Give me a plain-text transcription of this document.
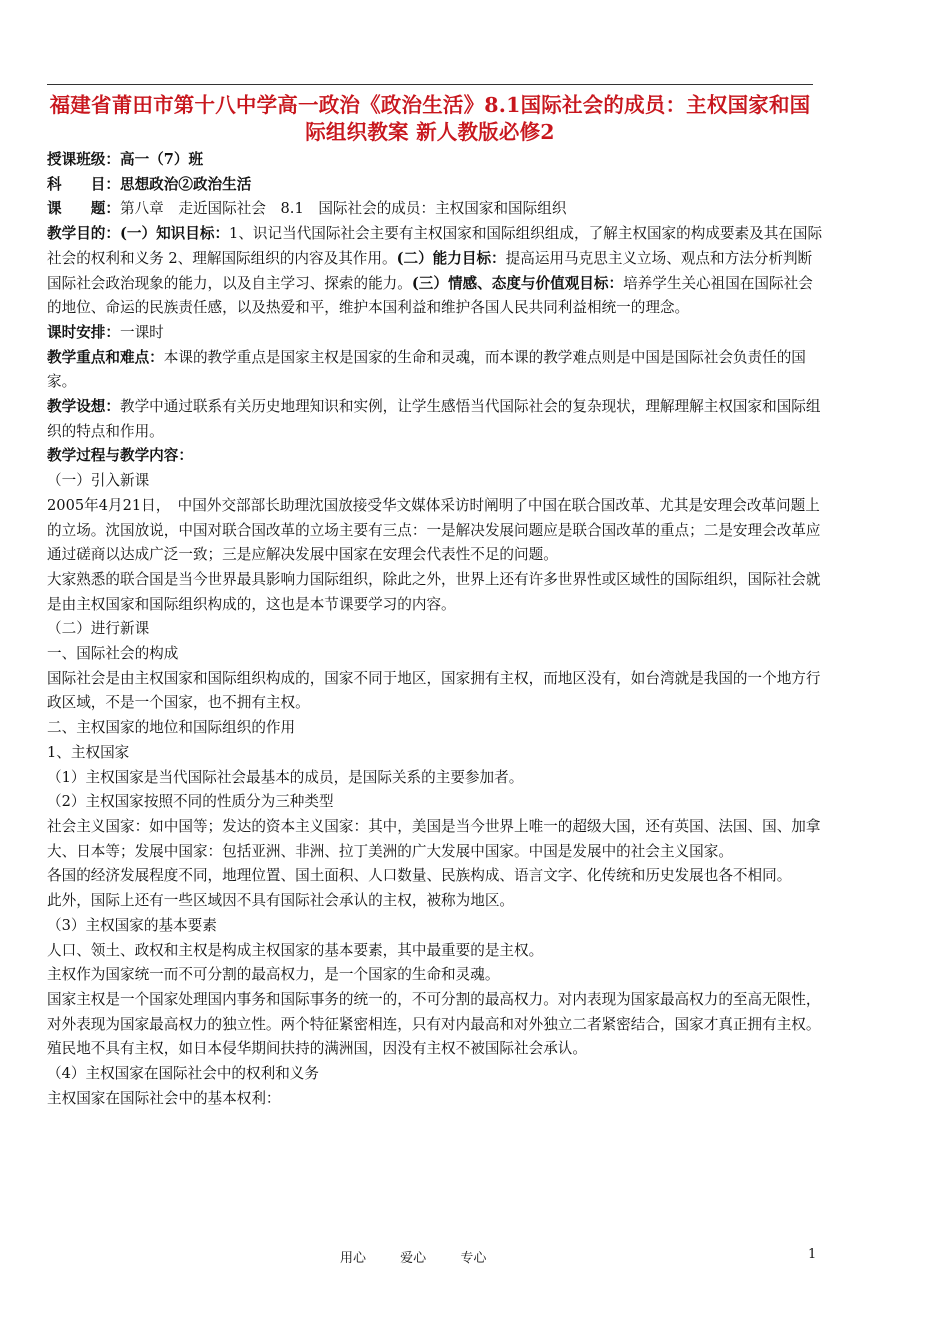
福建省莆田市第十八中学高一政治《政治生活》8.1国际社会的成员：主权国家和国际组织教案 新人教版必修2

授课班级：高一（7）班

科　　目：思想政治②政治生活

课　　题：第八章　走近国际社会　8.1　国际社会的成员：主权国家和国际组织

教学目的：(一）知识目标：1、识记当代国际社会主要有主权国家和国际组织组成，了解主权国家的构成要素及其在国际社会的权利和义务 2、理解国际组织的内容及其作用。(二）能力目标：提高运用马克思主义立场、观点和方法分析判断国际社会政治现象的能力，以及自主学习、探索的能力。(三）情感、态度与价值观目标：培养学生关心祖国在国际社会的地位、命运的民族责任感，以及热爱和平，维护本国利益和维护各国人民共同利益相统一的理念。

课时安排：一课时

教学重点和难点：本课的教学重点是国家主权是国家的生命和灵魂，而本课的教学难点则是中国是国际社会负责任的国家。

教学设想：教学中通过联系有关历史地理知识和实例，让学生感悟当代国际社会的复杂现状，理解理解主权国家和国际组织的特点和作用。

教学过程与教学内容：

（一）引入新课

2005年4月21日，　中国外交部部长助理沈国放接受华文媒体采访时阐明了中国在联合国改革、尤其是安理会改革问题上的立场。沈国放说，中国对联合国改革的立场主要有三点：一是解决发展问题应是联合国改革的重点；二是安理会改革应通过磋商以达成广泛一致；三是应解决发展中国家在安理会代表性不足的问题。

大家熟悉的联合国是当今世界最具影响力国际组织，除此之外，世界上还有许多世界性或区域性的国际组织，国际社会就是由主权国家和国际组织构成的，这也是本节课要学习的内容。

（二）进行新课

一、国际社会的构成

国际社会是由主权国家和国际组织构成的，国家不同于地区，国家拥有主权，而地区没有，如台湾就是我国的一个地方行政区域，不是一个国家，也不拥有主权。

二、主权国家的地位和国际组织的作用

1、主权国家

（1）主权国家是当代国际社会最基本的成员，是国际关系的主要参加者。

（2）主权国家按照不同的性质分为三种类型

社会主义国家：如中国等；发达的资本主义国家：其中，美国是当今世界上唯一的超级大国，还有英国、法国、国、加拿大、日本等；发展中国家：包括亚洲、非洲、拉丁美洲的广大发展中国家。中国是发展中的社会主义国家。

各国的经济发展程度不同，地理位置、国土面积、人口数量、民族构成、语言文字、化传统和历史发展也各不相同。

此外，国际上还有一些区域因不具有国际社会承认的主权，被称为地区。

（3）主权国家的基本要素

人口、领土、政权和主权是构成主权国家的基本要素，其中最重要的是主权。

主权作为国家统一而不可分割的最高权力，是一个国家的生命和灵魂。

国家主权是一个国家处理国内事务和国际事务的统一的，不可分割的最高权力。对内表现为国家最高权力的至高无限性，对外表现为国家最高权力的独立性。两个特征紧密相连，只有对内最高和对外独立二者紧密结合，国家才真正拥有主权。

殖民地不具有主权，如日本侵华期间扶持的满洲国，因没有主权不被国际社会承认。

（4）主权国家在国际社会中的权利和义务

主权国家在国际社会中的基本权利：

用心	爱心	专心	1
